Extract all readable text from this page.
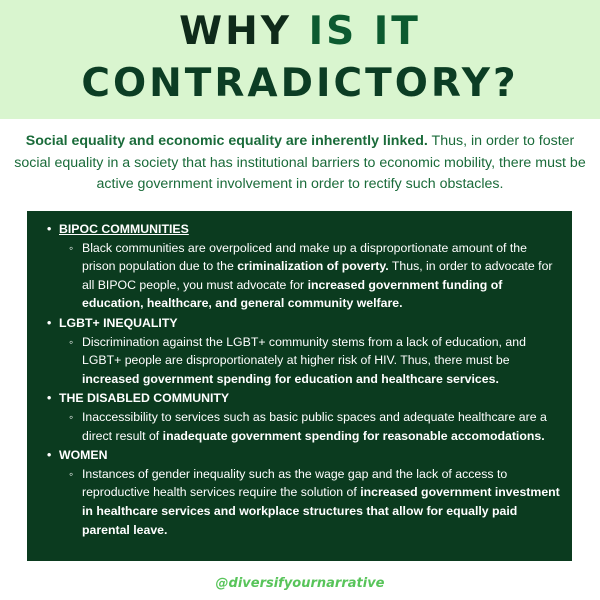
WHY IS IT
CONTRADICTORY?
Social equality and economic equality are inherently linked. Thus, in order to foster social equality in a society that has institutional barriers to economic mobility, there must be active government involvement in order to rectify such obstacles.
• BIPOC COMMUNITIES
◦ Black communities are overpoliced and make up a disproportionate amount of the prison population due to the criminalization of poverty. Thus, in order to advocate for all BIPOC people, you must advocate for increased government funding of education, healthcare, and general community welfare.
• LGBT+ INEQUALITY
◦ Discrimination against the LGBT+ community stems from a lack of education, and LGBT+ people are disproportionately at higher risk of HIV. Thus, there must be increased government spending for education and healthcare services.
• THE DISABLED COMMUNITY
◦ Inaccessibility to services such as basic public spaces and adequate healthcare are a direct result of inadequate government spending for reasonable accomodations.
• WOMEN
◦ Instances of gender inequality such as the wage gap and the lack of access to reproductive health services require the solution of increased government investment in healthcare services and workplace structures that allow for equally paid parental leave.
@diversifyournarrative
